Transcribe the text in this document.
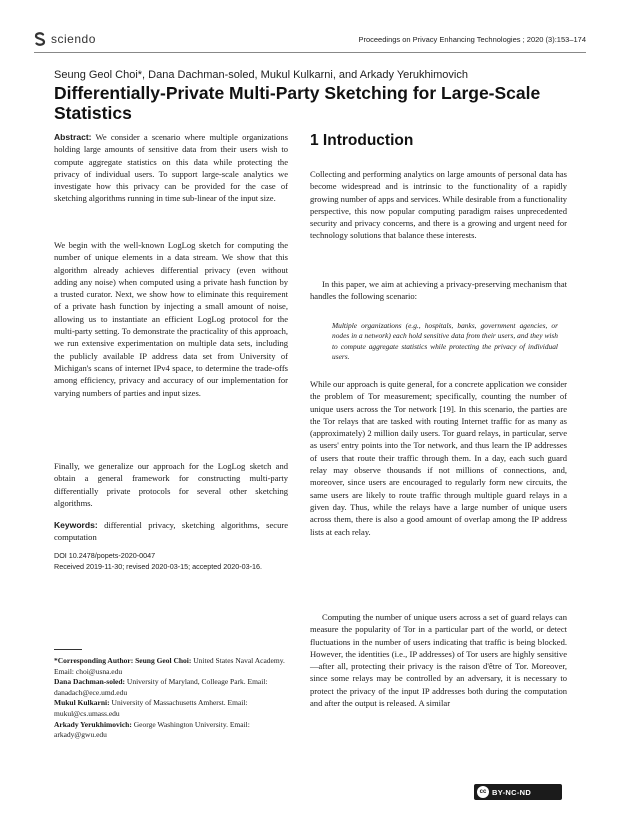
sciendo	Proceedings on Privacy Enhancing Technologies ; 2020 (3):153–174
Seung Geol Choi*, Dana Dachman-soled, Mukul Kulkarni, and Arkady Yerukhimovich
Differentially-Private Multi-Party Sketching for Large-Scale Statistics

Abstract: We consider a scenario where multiple organizations holding large amounts of sensitive data from their users wish to compute aggregate statistics on this data while protecting the privacy of individual users. To support large-scale analytics we investigate how this privacy can be provided for the case of sketching algorithms running in time sub-linear of the input size.

We begin with the well-known LogLog sketch for computing the number of unique elements in a data stream. We show that this algorithm already achieves differential privacy (even without adding any noise) when computed using a private hash function by a trusted curator. Next, we show how to eliminate this requirement of a private hash function by injecting a small amount of noise, allowing us to instantiate an efficient LogLog protocol for the multi-party setting. To demonstrate the practicality of this approach, we run extensive experimentation on multiple data sets, including the publicly available IP address data set from University of Michigan's scans of internet IPv4 space, to determine the trade-offs among efficiency, privacy and accuracy of our implementation for varying numbers of parties and input sizes.

Finally, we generalize our approach for the LogLog sketch and obtain a general framework for constructing multi-party differentially private protocols for several other sketching algorithms.

Keywords: differential privacy, sketching algorithms, secure computation

DOI 10.2478/popets-2020-0047

Received 2019-11-30; revised 2020-03-15; accepted 2020-03-16.

*Corresponding Author: Seung Geol Choi: United States Naval Academy. Email: choi@usna.edu

Dana Dachman-soled: University of Maryland, Colleage Park. Email: danadach@ece.umd.edu

Mukul Kulkarni: University of Massachusetts Amherst. Email: mukul@cs.umass.edu

Arkady Yerukhimovich: George Washington University. Email: arkady@gwu.edu

1 Introduction

Collecting and performing analytics on large amounts of personal data has become widespread and is intrinsic to the functionality of a rapidly growing number of apps and services. While desirable from a functionality perspective, this now popular computing paradigm raises unprecedented security and privacy concerns, and there is a growing and urgent need for technology solutions that balance these interests.

In this paper, we aim at achieving a privacy-preserving mechanism that handles the following scenario:

Multiple organizations (e.g., hospitals, banks, government agencies, or nodes in a network) each hold sensitive data from their users, and they wish to compute aggregate statistics while protecting the privacy of individual users.

While our approach is quite general, for a concrete application we consider the problem of Tor measurement; specifically, counting the number of unique users across the Tor network [19]. In this scenario, the parties are the Tor relays that are tasked with routing Internet traffic for as many as (approximately) 2 million daily users. Tor guard relays, in particular, serve as users' entry points into the Tor network, and thus learn the IP addresses of users that route their traffic through them. In a day, each such guard relay may observe thousands if not millions of connections, and, moreover, since users are encouraged to regularly form new circuits, the same users are likely to route traffic through multiple guard relays in a given day. Thus, while the relays have a large number of unique users across them, there is also a good amount of overlap among the IP address lists at each relay.

Computing the number of unique users across a set of guard relays can measure the popularity of Tor in a particular part of the world, or detect fluctuations in the number of users indicating that traffic is being blocked. However, the identities (i.e., IP addresses) of Tor users are highly sensitive—after all, protecting their privacy is the raison d'être of Tor. Moreover, since some relays may be controlled by an adversary, it is necessary to protect the privacy of the input IP addresses both during the computation and after the output is released. A similar

cc BY-NC-ND
